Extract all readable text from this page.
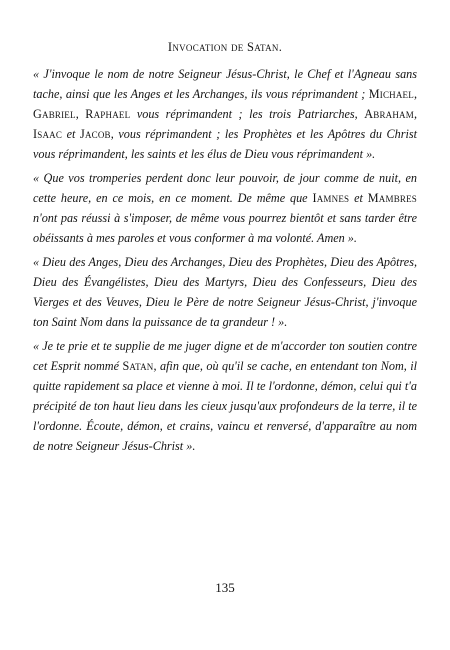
Invocation de Satan.

« J'invoque le nom de notre Seigneur Jésus-Christ, le Chef et l'Agneau sans tache, ainsi que les Anges et les Archanges, ils vous réprimandent ; Michael, Gabriel, Raphael vous réprimandent ; les trois Patriarches, Abraham, Isaac et Jacob, vous réprimandent ; les Prophètes et les Apôtres du Christ vous réprimandent, les saints et les élus de Dieu vous réprimandent ».

« Que vos tromperies perdent donc leur pouvoir, de jour comme de nuit, en cette heure, en ce mois, en ce moment. De même que Iamnes et Mambres n'ont pas réussi à s'imposer, de même vous pourrez bientôt et sans tarder être obéissants à mes paroles et vous conformer à ma volonté. Amen ».

« Dieu des Anges, Dieu des Archanges, Dieu des Prophètes, Dieu des Apôtres, Dieu des Évangélistes, Dieu des Martyrs, Dieu des Confesseurs, Dieu des Vierges et des Veuves, Dieu le Père de notre Seigneur Jésus-Christ, j'invoque ton Saint Nom dans la puissance de ta grandeur ! ».

« Je te prie et te supplie de me juger digne et de m'accorder ton soutien contre cet Esprit nommé Satan, afin que, où qu'il se cache, en entendant ton Nom, il quitte rapidement sa place et vienne à moi. Il te l'ordonne, démon, celui qui t'a précipité de ton haut lieu dans les cieux jusqu'aux profondeurs de la terre, il te l'ordonne. Écoute, démon, et crains, vaincu et renversé, d'apparaître au nom de notre Seigneur Jésus-Christ ».

135
